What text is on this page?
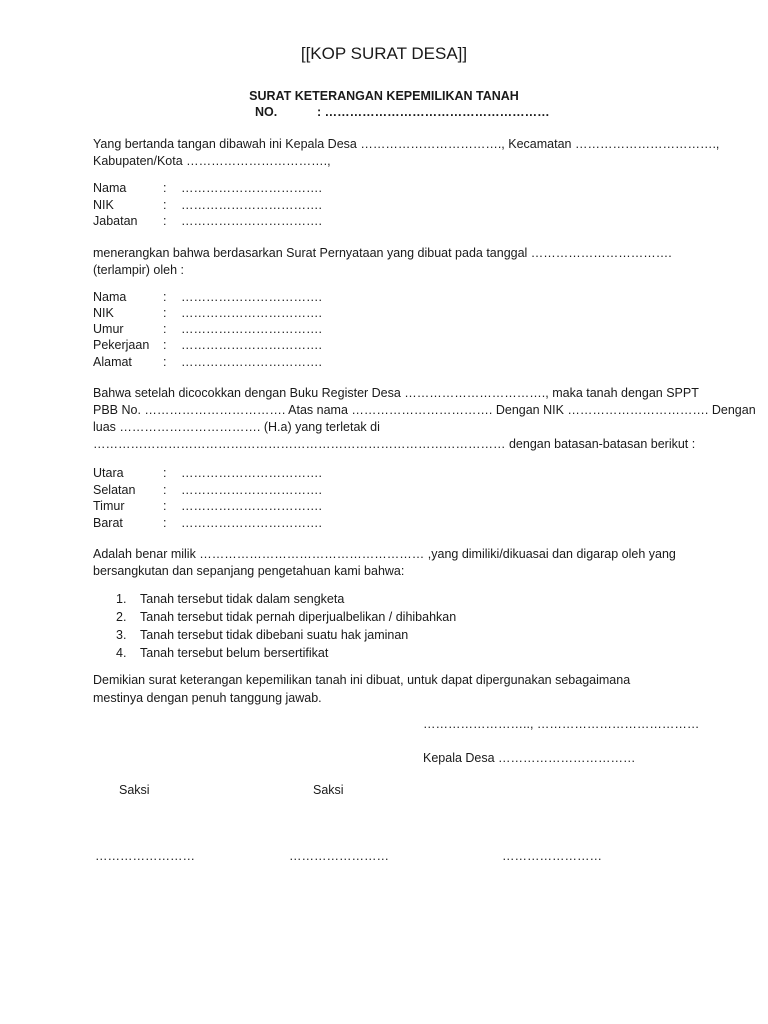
[[KOP SURAT DESA]]
SURAT KETERANGAN KEPEMILIKAN TANAH
NO.	: ………………………………………………
Yang bertanda tangan dibawah ini Kepala Desa ……………………………., Kecamatan …………………………….,
Kabupaten/Kota …………………………….,
Nama	: …………………………….
NIK	: …………………………….
Jabatan : …………………………….
menerangkan bahwa berdasarkan Surat Pernyataan yang dibuat pada tanggal …………………………….
(terlampir) oleh :
Nama	: …………………………….
NIK	: …………………………….
Umur	: …………………………….
Pekerjaan : …………………………….
Alamat : …………………………….
Bahwa setelah dicocokkan dengan Buku Register Desa ……………………………., maka tanah dengan SPPT
PBB No. ……………………………. Atas nama ……………………………. Dengan NIK ……………………………. Dengan
luas ……………………………. (H.a) yang terletak di
……………………………………………………………………………………… dengan batasan-batasan berikut :
Utara	: …………………………….
Selatan : …………………………….
Timur	: …………………………….
Barat	: …………………………….
Adalah benar milik ……………………………………………… ,yang dimiliki/dikuasai dan digarap oleh yang
bersangkutan dan sepanjang pengetahuan kami bahwa:
1. Tanah tersebut tidak dalam sengketa
2. Tanah tersebut tidak pernah diperjualbelikan / dihibahkan
3. Tanah tersebut tidak dibebani suatu hak jaminan
4. Tanah tersebut belum bersertifikat
Demikian surat keterangan kepemilikan tanah ini dibuat, untuk dapat dipergunakan sebagaimana
mestinya dengan penuh tanggung jawab.
…………………….., …………………………………
Kepala Desa ……………………………
Saksi	Saksi
……………………	……………………	……………………
